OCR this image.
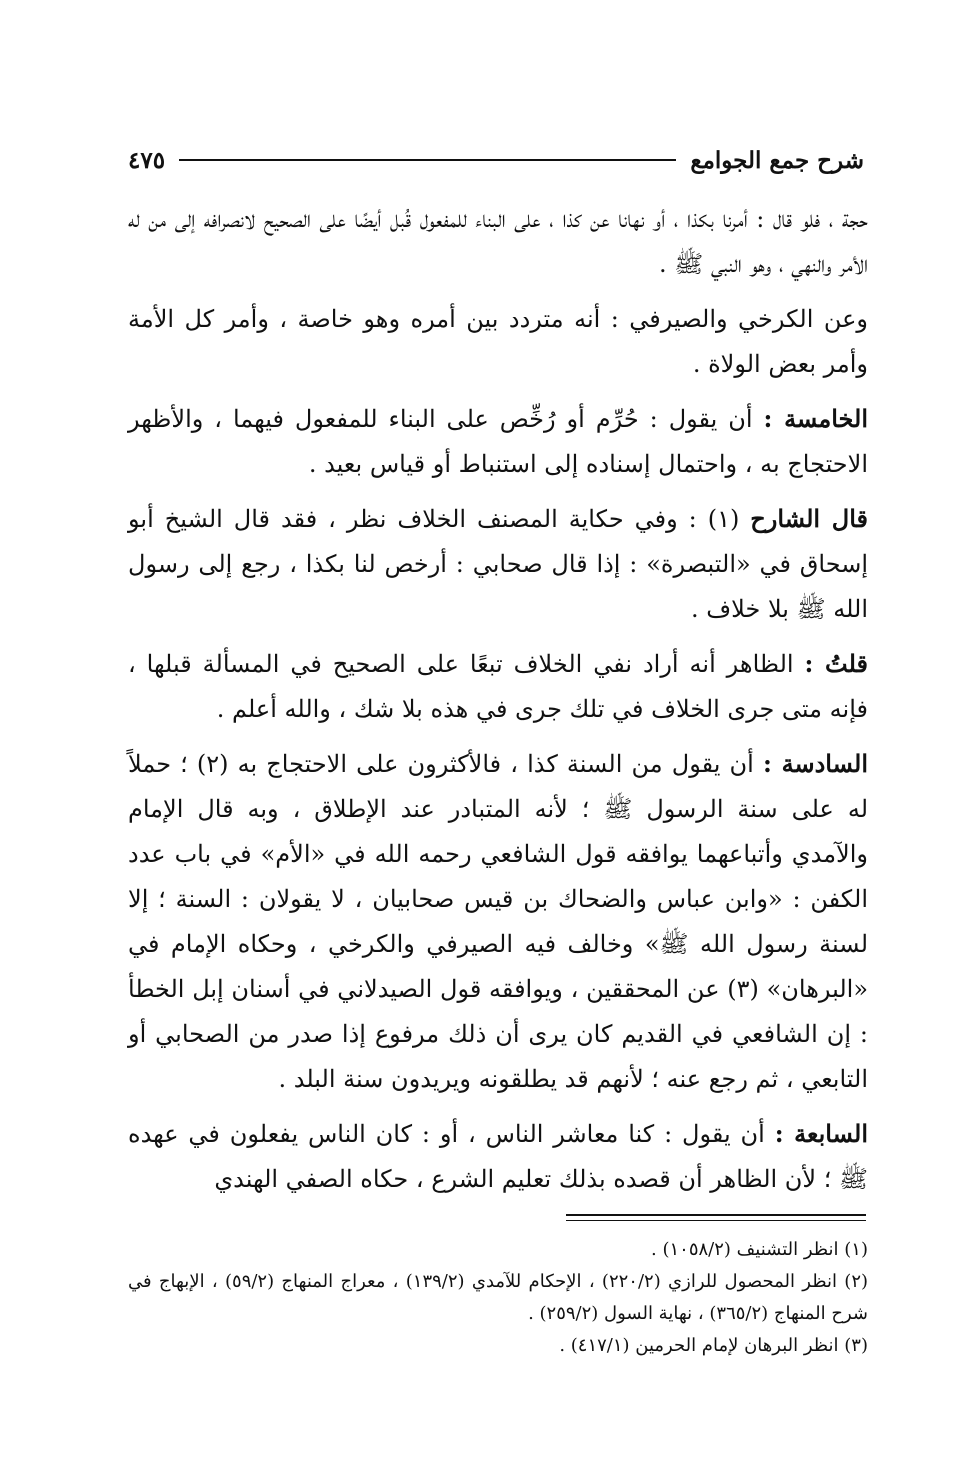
شرح جمع الجوامع
٤٧٥

حجة ، فلو قال : أمرنا بكذا ، أو نهانا عن كذا ، على البناء للمفعول قُبل أيضًا على الصحيح لانصرافه إلى من له الأمر والنهي ، وهو النبي ﷺ .

وعن الكرخي والصيرفي : أنه متردد بين أمره وهو خاصة ، وأمر كل الأمة وأمر بعض الولاة .

الخامسة : أن يقول : حُرِّم أو رُخِّص على البناء للمفعول فيهما ، والأظهر الاحتجاج به ، واحتمال إسناده إلى استنباط أو قياس بعيد .

قال الشارح (١) : وفي حكاية المصنف الخلاف نظر ، فقد قال الشيخ أبو إسحاق في «التبصرة» : إذا قال صحابي : أرخص لنا بكذا ، رجع إلى رسول الله ﷺ بلا خلاف .

قلتُ : الظاهر أنه أراد نفي الخلاف تبعًا على الصحيح في المسألة قبلها ، فإنه متى جرى الخلاف في تلك جرى في هذه بلا شك ، والله أعلم .

السادسة : أن يقول من السنة كذا ، فالأكثرون على الاحتجاج به (٢) ؛ حملاً له على سنة الرسول ﷺ ؛ لأنه المتبادر عند الإطلاق ، وبه قال الإمام والآمدي وأتباعهما يوافقه قول الشافعي رحمه الله في «الأم» في باب عدد الكفن : «وابن عباس والضحاك بن قيس صحابيان ، لا يقولان : السنة ؛ إلا لسنة رسول الله ﷺ» وخالف فيه الصيرفي والكرخي ، وحكاه الإمام في «البرهان» (٣) عن المحققين ، ويوافقه قول الصيدلاني في أسنان إبل الخطأ : إن الشافعي في القديم كان يرى أن ذلك مرفوع إذا صدر من الصحابي أو التابعي ، ثم رجع عنه ؛ لأنهم قد يطلقونه ويريدون سنة البلد .

السابعة : أن يقول : كنا معاشر الناس ، أو : كان الناس يفعلون في عهده ﷺ ؛ لأن الظاهر أن قصده بذلك تعليم الشرع ، حكاه الصفي الهندي

(١) انظر التشنيف (١٠٥٨/٢) .

(٢) انظر المحصول للرازي (٢٢٠/٢) ، الإحكام للآمدي (١٣٩/٢) ، معراج المنهاج (٥٩/٢) ، الإبهاج في شرح المنهاج (٣٦٥/٢) ، نهاية السول (٢٥٩/٢) .

(٣) انظر البرهان لإمام الحرمين (٤١٧/١) .
